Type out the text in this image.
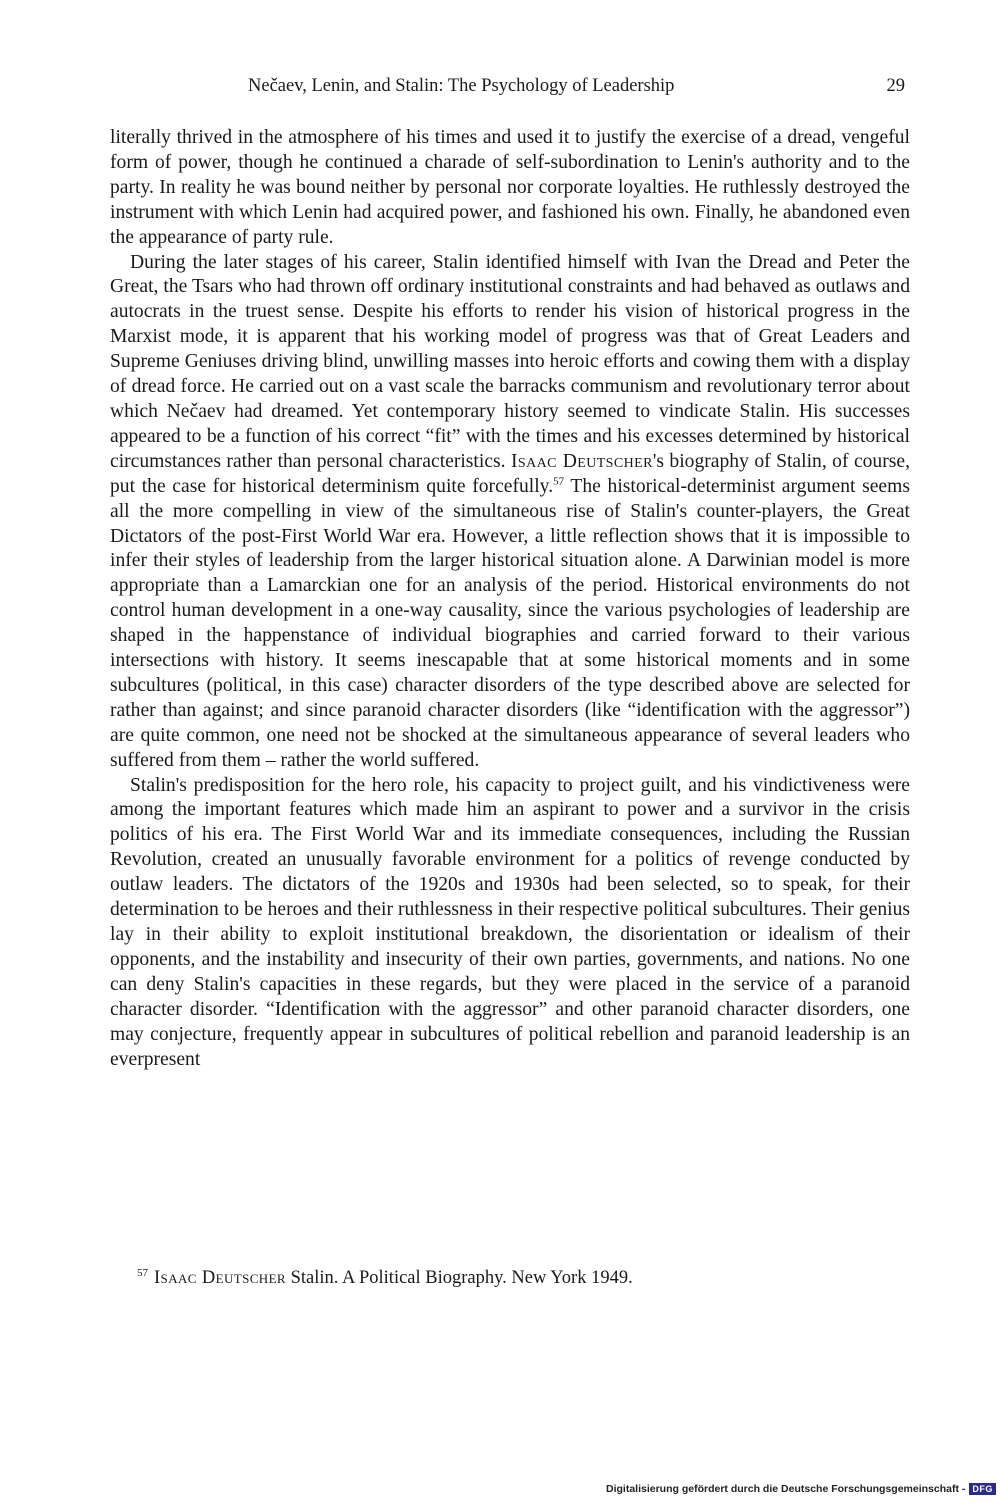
Nečaev, Lenin, and Stalin: The Psychology of Leadership	29

literally thrived in the atmosphere of his times and used it to justify the exercise of a dread, vengeful form of power, though he continued a charade of self-subordination to Lenin's authority and to the party. In reality he was bound neither by personal nor corporate loyalties. He ruthlessly destroyed the instrument with which Lenin had acquired power, and fashioned his own. Finally, he abandoned even the appearance of party rule.

During the later stages of his career, Stalin identified himself with Ivan the Dread and Peter the Great, the Tsars who had thrown off ordinary institutional constraints and had behaved as outlaws and autocrats in the truest sense. Despite his efforts to render his vision of historical progress in the Marxist mode, it is apparent that his working model of progress was that of Great Leaders and Supreme Geniuses driving blind, unwilling masses into heroic efforts and cowing them with a display of dread force. He carried out on a vast scale the barracks communism and revolutionary terror about which Nečaev had dreamed. Yet contemporary history seemed to vindicate Stalin. His successes appeared to be a function of his correct “fit” with the times and his excesses determined by historical circumstances rather than personal characteristics. Isaac Deutscher's biography of Stalin, of course, put the case for historical determinism quite forcefully.$^{57}$ The historical-determinist argument seems all the more compelling in view of the simultaneous rise of Stalin's counter-players, the Great Dictators of the post-First World War era. However, a little reflection shows that it is impossible to infer their styles of leadership from the larger historical situation alone. A Darwinian model is more appropriate than a Lamarckian one for an analysis of the period. Historical environments do not control human development in a one-way causality, since the various psychologies of leadership are shaped in the happenstance of individual biographies and carried forward to their various intersections with history. It seems inescapable that at some historical moments and in some subcultures (political, in this case) character disorders of the type described above are selected for rather than against; and since paranoid character disorders (like “identification with the aggressor”) are quite common, one need not be shocked at the simultaneous appearance of several leaders who suffered from them – rather the world suffered.

Stalin's predisposition for the hero role, his capacity to project guilt, and his vindictiveness were among the important features which made him an aspirant to power and a survivor in the crisis politics of his era. The First World War and its immediate consequences, including the Russian Revolution, created an unusually favorable environment for a politics of revenge conducted by outlaw leaders. The dictators of the 1920s and 1930s had been selected, so to speak, for their determination to be heroes and their ruthlessness in their respective political subcultures. Their genius lay in their ability to exploit institutional breakdown, the disorientation or idealism of their opponents, and the instability and insecurity of their own parties, governments, and nations. No one can deny Stalin's capacities in these regards, but they were placed in the service of a paranoid character disorder. “Identification with the aggressor” and other paranoid character disorders, one may conjecture, frequently appear in subcultures of political rebellion and paranoid leadership is an everpresent

$^{57}$ Isaac Deutscher Stalin. A Political Biography. New York 1949.
Digitalisierung gefördert durch die Deutsche Forschungsgemeinschaft - DFG
